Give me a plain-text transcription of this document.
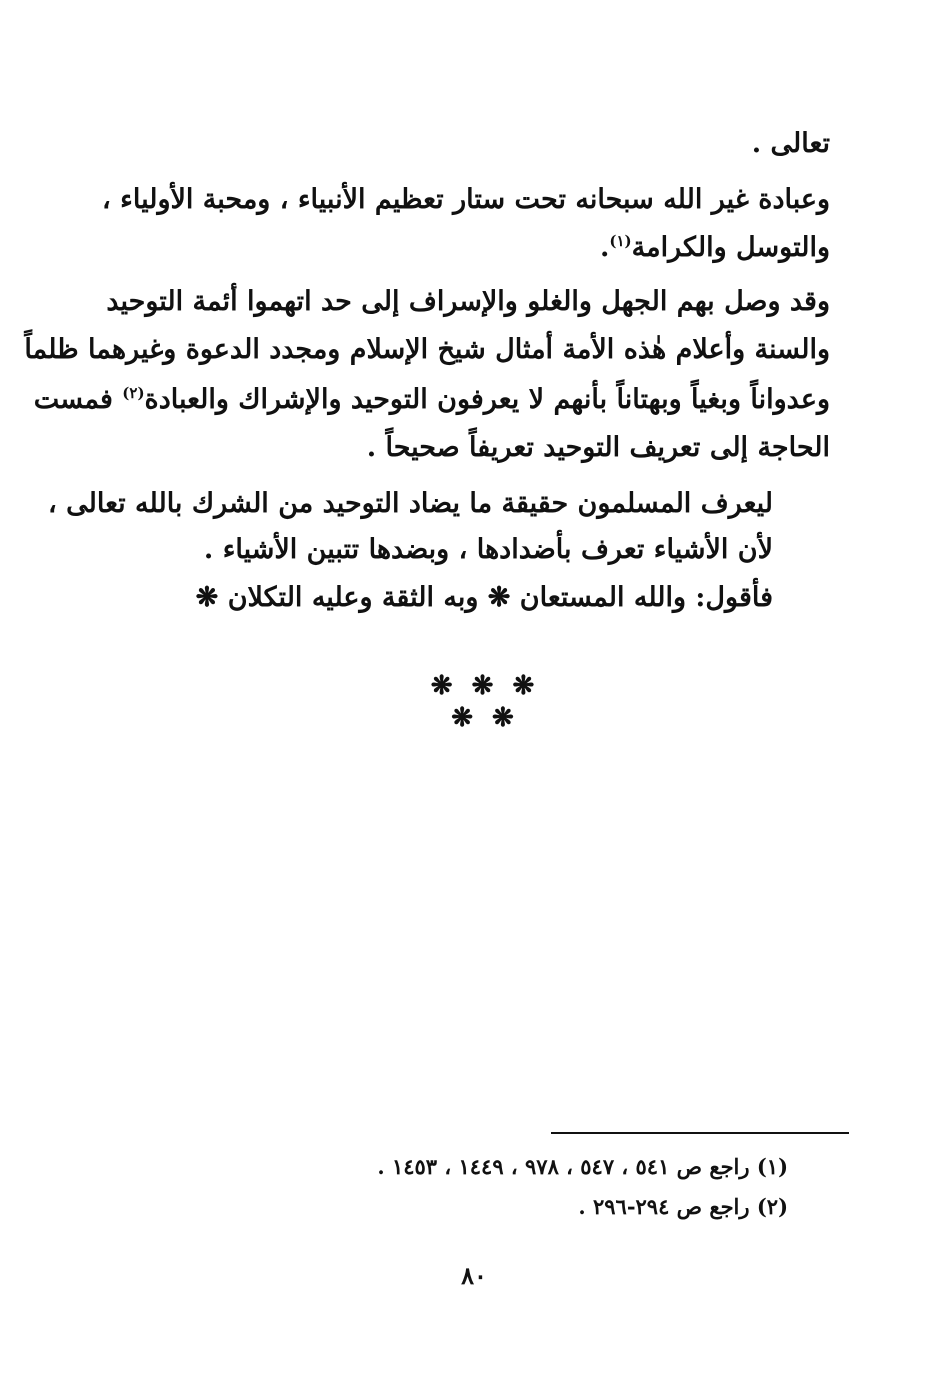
تعالى .
وعبادة غير الله سبحانه تحت ستار تعظيم الأنبياء ، ومحبة الأولياء ،
والتوسل والكرامة$^{(١)}$.
وقد وصل بهم الجهل والغلو والإسراف إلى حد اتهموا أئمة التوحيد
والسنة وأعلام هٰذه الأمة أمثال شيخ الإسلام ومجدد الدعوة وغيرهما ظلماً
وعدواناً وبغياً وبهتاناً بأنهم لا يعرفون التوحيد والإشراك والعبادة$^{(٢)}$ فمست
الحاجة إلى تعريف التوحيد تعريفاً صحيحاً .
ليعرف المسلمون حقيقة ما يضاد التوحيد من الشرك بالله تعالى ،
لأن الأشياء تعرف بأضدادها ، وبضدها تتبين الأشياء .
فأقول: والله المستعان ❋ وبه الثقة وعليه التكلان ❋
❋ ❋ ❋ ❋ ❋
(١) راجع ص ٥٤١ ، ٥٤٧ ، ٩٧٨ ، ١٤٤٩ ، ١٤٥٣ .
(٢) راجع ص ٢٩٤-٢٩٦ .
٨٠
